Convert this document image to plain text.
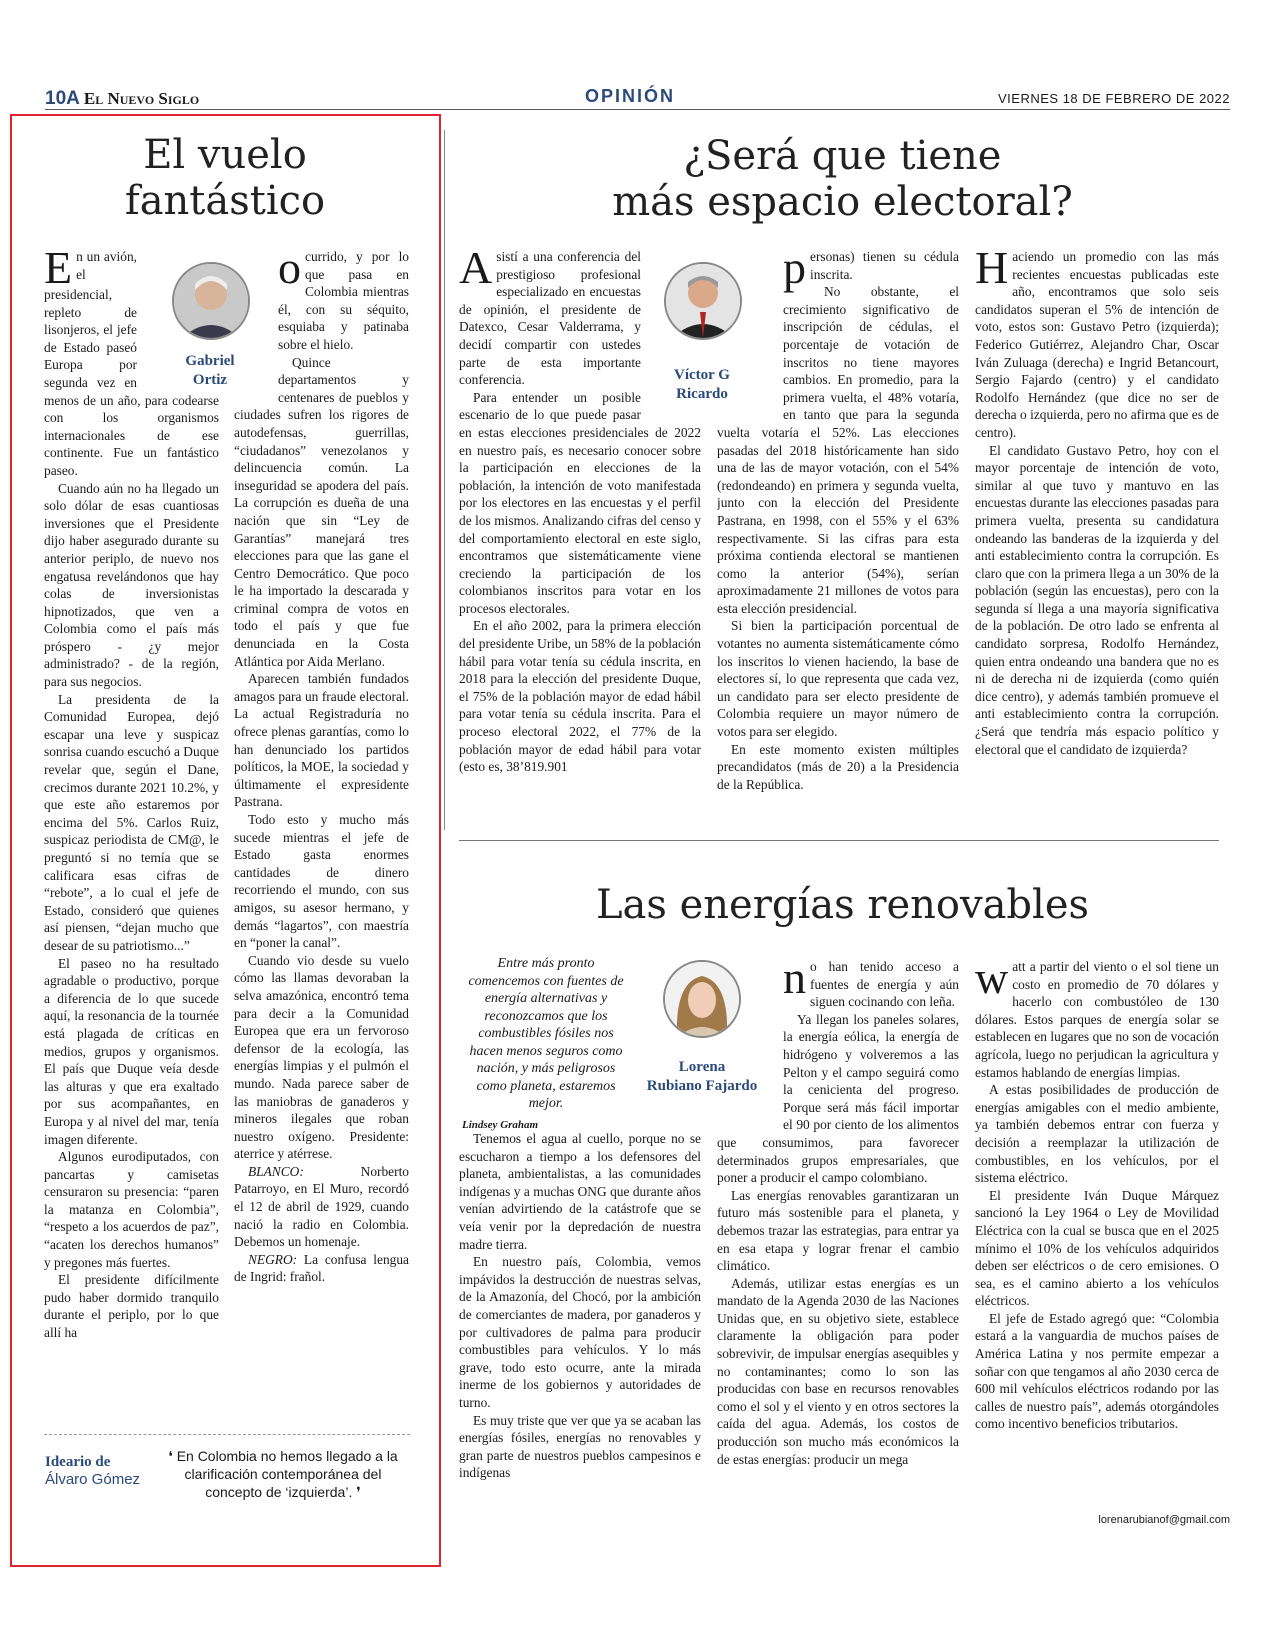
10A El Nuevo Siglo	OPINIÓN	VIERNES 18 DE FEBRERO DE 2022
El vuelo
fantástico
Gabriel
Ortiz

En un avión, el presidencial, repleto de lisonjeros, el jefe de Estado paseó Europa por segunda vez en menos de un año, para codearse con los organismos internacionales de ese continente. Fue un fantástico paseo.

Cuando aún no ha llegado un solo dólar de esas cuantiosas inversiones que el Presidente dijo haber asegurado durante su anterior periplo, de nuevo nos engatusa revelándonos que hay colas de inversionistas hipnotizados, que ven a Colombia como el país más próspero - ¿y mejor administrado? - de la región, para sus negocios.

La presidenta de la Comunidad Europea, dejó escapar una leve y suspicaz sonrisa cuando escuchó a Duque revelar que, según el Dane, crecimos durante 2021 10.2%, y que este año estaremos por encima del 5%. Carlos Ruiz, suspicaz periodista de CM@, le preguntó si no temía que se calificara esas cifras de “rebote”, a lo cual el jefe de Estado, consideró que quienes así piensen, “dejan mucho que desear de su patriotismo...”

El paseo no ha resultado agradable o productivo, porque a diferencia de lo que sucede aquí, la resonancia de la tournée está plagada de críticas en medios, grupos y organismos. El país que Duque veía desde las alturas y que era exaltado por sus acompañantes, en Europa y al nivel del mar, tenía imagen diferente.

Algunos eurodiputados, con pancartas y camisetas censuraron su presencia: “paren la matanza en Colombia”, “respeto a los acuerdos de paz”, “acaten los derechos humanos” y pregones más fuertes.

El presidente difícilmente pudo haber dormido tranquilo durante el periplo, por lo que allí ha

ocurrido, y por lo que pasa en Colombia mientras él, con su séquito, esquiaba y patinaba sobre el hielo.

Quince departamentos y centenares de pueblos y ciudades sufren los rigores de autodefensas, guerrillas, “ciudadanos” venezolanos y delincuencia común. La inseguridad se apodera del país. La corrupción es dueña de una nación que sin “Ley de Garantías” manejará tres elecciones para que las gane el Centro Democrático. Que poco le ha importado la descarada y criminal compra de votos en todo el país y que fue denunciada en la Costa Atlántica por Aida Merlano.

Aparecen también fundados amagos para un fraude electoral. La actual Registraduría no ofrece plenas garantías, como lo han denunciado los partidos políticos, la MOE, la sociedad y últimamente el expresidente Pastrana.

Todo esto y mucho más sucede mientras el jefe de Estado gasta enormes cantidades de dinero recorriendo el mundo, con sus amigos, su asesor hermano, y demás “lagartos”, con maestría en “poner la canal”.

Cuando vio desde su vuelo cómo las llamas devoraban la selva amazónica, encontró tema para decir a la Comunidad Europea que era un fervoroso defensor de la ecología, las energías limpias y el pulmón el mundo. Nada parece saber de las maniobras de ganaderos y mineros ilegales que roban nuestro oxígeno. Presidente: aterrice y atérrese.

BLANCO: Norberto Patarroyo, en El Muro, recordó el 12 de abril de 1929, cuando nació la radio en Colombia. Debemos un homenaje.

NEGRO: La confusa lengua de Ingrid: frañol.

Ideario de
Álvaro Gómez
❛ En Colombia no hemos llegado a la clarificación contemporánea del concepto de ‘izquierda’. ❜
¿Será que tiene
más espacio electoral?
Víctor G
Ricardo

Asistí a una conferencia del prestigioso profesional especializado en encuestas de opinión, el presidente de Datexco, Cesar Valderrama, y decidí compartir con ustedes parte de esta importante conferencia.

Para entender un posible escenario de lo que puede pasar en estas elecciones presidenciales de 2022 en nuestro país, es necesario conocer sobre la participación en elecciones de la población, la intención de voto manifestada por los electores en las encuestas y el perfil de los mismos. Analizando cifras del censo y del comportamiento electoral en este siglo, encontramos que sistemáticamente viene creciendo la participación de los colombianos inscritos para votar en los procesos electorales.

En el año 2002, para la primera elección del presidente Uribe, un 58% de la población hábil para votar tenía su cédula inscrita, en 2018 para la elección del presidente Duque, el 75% de la población mayor de edad hábil para votar tenía su cédula inscrita. Para el proceso electoral 2022, el 77% de la población mayor de edad hábil para votar (esto es, 38’819.901

personas) tienen su cédula inscrita.

No obstante, el crecimiento significativo de inscripción de cédulas, el porcentaje de votación de inscritos no tiene mayores cambios. En promedio, para la primera vuelta, el 48% votaría, en tanto que para la segunda vuelta votaría el 52%. Las elecciones pasadas del 2018 históricamente han sido una de las de mayor votación, con el 54% (redondeando) en primera y segunda vuelta, junto con la elección del Presidente Pastrana, en 1998, con el 55% y el 63% respectivamente. Si las cifras para esta próxima contienda electoral se mantienen como la anterior (54%), serían aproximadamente 21 millones de votos para esta elección presidencial.

Si bien la participación porcentual de votantes no aumenta sistemáticamente cómo los inscritos lo vienen haciendo, la base de electores sí, lo que representa que cada vez, un candidato para ser electo presidente de Colombia requiere un mayor número de votos para ser elegido.

En este momento existen múltiples precandidatos (más de 20) a la Presidencia de la República.

Haciendo un promedio con las más recientes encuestas publicadas este año, encontramos que solo seis candidatos superan el 5% de intención de voto, estos son: Gustavo Petro (izquierda); Federico Gutiérrez, Alejandro Char, Oscar Iván Zuluaga (derecha) e Ingrid Betancourt, Sergio Fajardo (centro) y el candidato Rodolfo Hernández (que dice no ser de derecha o izquierda, pero no afirma que es de centro).

El candidato Gustavo Petro, hoy con el mayor porcentaje de intención de voto, similar al que tuvo y mantuvo en las encuestas durante las elecciones pasadas para primera vuelta, presenta su candidatura ondeando las banderas de la izquierda y del anti establecimiento contra la corrupción. Es claro que con la primera llega a un 30% de la población (según las encuestas), pero con la segunda sí llega a una mayoría significativa de la población. De otro lado se enfrenta al candidato sorpresa, Rodolfo Hernández, quien entra ondeando una bandera que no es ni de derecha ni de izquierda (como quién dice centro), y además también promueve el anti establecimiento contra la corrupción. ¿Será que tendría más espacio político y electoral que el candidato de izquierda?

Las energías renovables
Entre más pronto comencemos con fuentes de energía alternativas y reconozcamos que los combustibles fósiles nos hacen menos seguros como nación, y más peligrosos como planeta, estaremos mejor.
Lindsey Graham
Lorena
Rubiano Fajardo

Tenemos el agua al cuello, porque no se escucharon a tiempo a los defensores del planeta, ambientalistas, a las comunidades indígenas y a muchas ONG que durante años venían advirtiendo de la catástrofe que se veía venir por la depredación de nuestra madre tierra.

En nuestro país, Colombia, vemos impávidos la destrucción de nuestras selvas, de la Amazonía, del Chocó, por la ambición de comerciantes de madera, por ganaderos y por cultivadores de palma para producir combustibles para vehículos. Y lo más grave, todo esto ocurre, ante la mirada inerme de los gobiernos y autoridades de turno.

Es muy triste que ver que ya se acaban las energías fósiles, energías no renovables y gran parte de nuestros pueblos campesinos e indígenas

no han tenido acceso a fuentes de energía y aún siguen cocinando con leña.

Ya llegan los paneles solares, la energía eólica, la energía de hidrógeno y volveremos a las Pelton y el campo seguirá como la cenicienta del progreso. Porque será más fácil importar el 90 por ciento de los alimentos que consumimos, para favorecer determinados grupos empresariales, que poner a producir el campo colombiano.

Las energías renovables garantizaran un futuro más sostenible para el planeta, y debemos trazar las estrategias, para entrar ya en esa etapa y lograr frenar el cambio climático.

Además, utilizar estas energías es un mandato de la Agenda 2030 de las Naciones Unidas que, en su objetivo siete, establece claramente la obligación para poder sobrevivir, de impulsar energías asequibles y no contaminantes; como lo son las producidas con base en recursos renovables como el sol y el viento y en otros sectores la caída del agua. Además, los costos de producción son mucho más económicos la de estas energías: producir un mega

watt a partir del viento o el sol tiene un costo en promedio de 70 dólares y hacerlo con combustóleo de 130 dólares. Estos parques de energía solar se establecen en lugares que no son de vocación agrícola, luego no perjudican la agricultura y estamos hablando de energías limpias.

A estas posibilidades de producción de energías amigables con el medio ambiente, ya también debemos entrar con fuerza y decisión a reemplazar la utilización de combustibles, en los vehículos, por el sistema eléctrico.

El presidente Iván Duque Márquez sancionó la Ley 1964 o Ley de Movilidad Eléctrica con la cual se busca que en el 2025 mínimo el 10% de los vehículos adquiridos deben ser eléctricos o de cero emisiones. O sea, es el camino abierto a los vehículos eléctricos.

El jefe de Estado agregó que: “Colombia estará a la vanguardia de muchos países de América Latina y nos permite empezar a soñar con que tengamos al año 2030 cerca de 600 mil vehículos eléctricos rodando por las calles de nuestro país”, además otorgándoles como incentivo beneficios tributarios.

lorenarubianof@gmail.com
